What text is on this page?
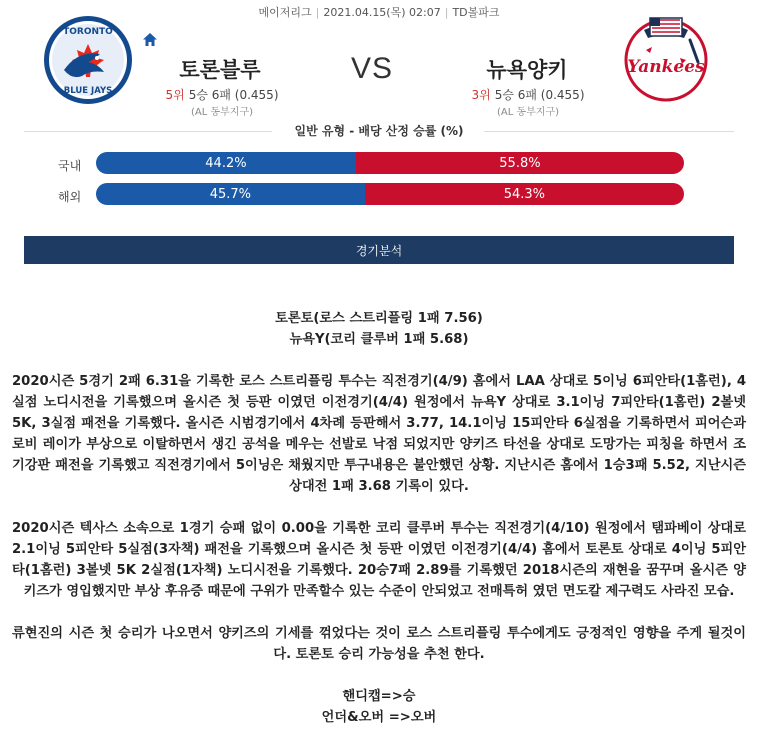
메이저리그 | 2021.04.15(목) 02:07 | TD볼파크
TORONTO
BLUE JAYS
토론블루
5위 5승 6패 (0.455)
(AL 동부지구)
VS	뉴욕양키
3위 5승 6패 (0.455)
(AL 동부지구)
Yankees
일반 유형 - 배당 산정 승률 (%)
국내	44.2%	55.8%
해외	45.7%	54.3%
경기분석

토론토(로스 스트리플링 1패 7.56)

뉴욕Y(코리 클루버 1패 5.68)

2020시즌 5경기 2패 6.31을 기록한 로스 스트리플링 투수는 직전경기(4/9) 홈에서 LAA 상대로 5이닝 6피안타(1홈런), 4실점 노디시전을 기록했으며 올시즌 첫 등판 이였던 이전경기(4/4) 원정에서 뉴욕Y 상대로 3.1이닝 7피안타(1홈런) 2볼넷 5K, 3실점 패전을 기록했다. 올시즌 시범경기에서 4차례 등판해서 3.77, 14.1이닝 15피안타 6실점을 기록하면서 피어슨과 로비 레이가 부상으로 이탈하면서 생긴 공석을 메우는 선발로 낙점 되었지만 양키즈 타선을 상대로 도망가는 피칭을 하면서 조기강판 패전을 기록했고 직전경기에서 5이닝은 채웠지만 투구내용은 불안했던 상황. 지난시즌 홈에서 1승3패 5.52, 지난시즌 상대전 1패 3.68 기록이 있다.

2020시즌 텍사스 소속으로 1경기 승패 없이 0.00을 기록한 코리 클루버 투수는 직전경기(4/10) 원정에서 탬파베이 상대로 2.1이닝 5피안타 5실점(3자책) 패전을 기록했으며 올시즌 첫 등판 이였던 이전경기(4/4) 홈에서 토론토 상대로 4이닝 5피안타(1홈런) 3볼넷 5K 2실점(1자책) 노디시전을 기록했다. 20승7패 2.89를 기록했던 2018시즌의 재현을 꿈꾸며 올시즌 양키즈가 영입했지만 부상 후유증 때문에 구위가 만족할수 있는 수준이 안되었고 전매특허 였던 면도칼 제구력도 사라진 모습.

류현진의 시즌 첫 승리가 나오면서 양키즈의 기세를 꺾었다는 것이 로스 스트리플링 투수에게도 긍정적인 영향을 주게 될것이다. 토론토 승리 가능성을 추천 한다.

핸디캡=>승

언더&오버 =>오버
